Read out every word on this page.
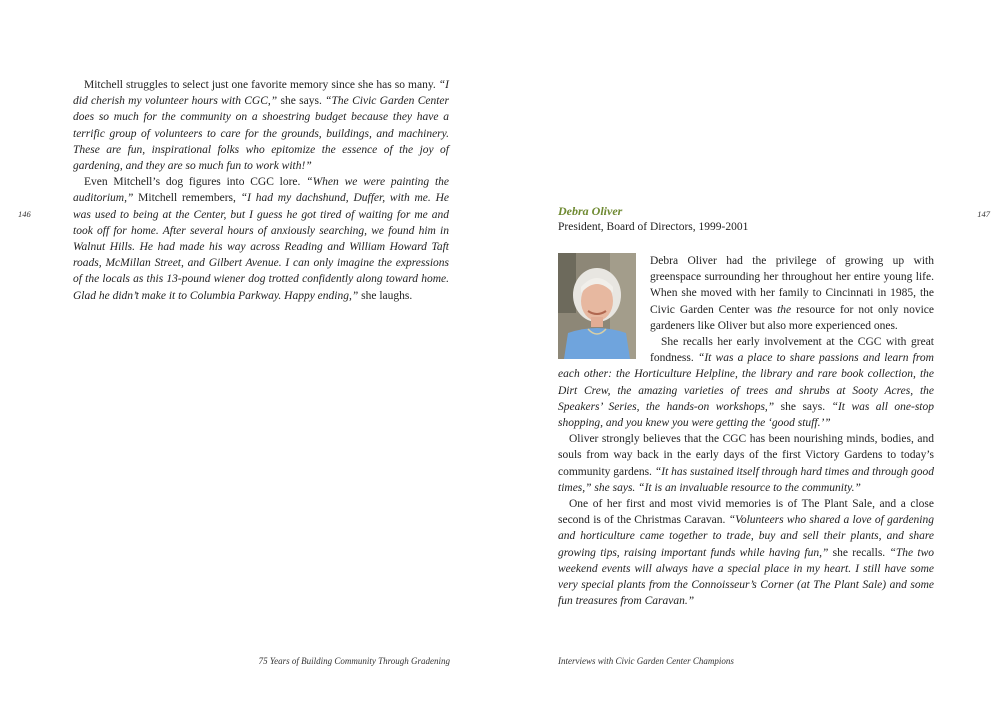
146

Mitchell struggles to select just one favorite memory since she has so many. “I did cherish my volunteer hours with CGC,” she says. “The Civic Garden Center does so much for the community on a shoestring budget because they have a terrific group of volunteers to care for the grounds, buildings, and machinery. These are fun, inspirational folks who epitomize the essence of the joy of gardening, and they are so much fun to work with!”

Even Mitchell’s dog figures into CGC lore. “When we were painting the auditorium,” Mitchell remembers, “I had my dachshund, Duffer, with me. He was used to being at the Center, but I guess he got tired of waiting for me and took off for home. After several hours of anxiously searching, we found him in Walnut Hills. He had made his way across Reading and William Howard Taft roads, McMillan Street, and Gilbert Avenue. I can only imagine the expressions of the locals as this 13-pound wiener dog trotted confidently along toward home. Glad he didn’t make it to Columbia Parkway. Happy ending,” she laughs.

75 Years of Building Community Through Gradening
147
Debra Oliver
President, Board of Directors, 1999-2001

Debra Oliver had the privilege of growing up with greenspace surrounding her throughout her entire young life. When she moved with her family to Cincinnati in 1985, the Civic Garden Center was the resource for not only novice gardeners like Oliver but also more experienced ones.

She recalls her early involvement at the CGC with great fondness. “It was a place to share passions and learn from each other: the Horticulture Helpline, the library and rare book collection, the Dirt Crew, the amazing varieties of trees and shrubs at Sooty Acres, the Speakers’ Series, the hands-on workshops,” she says. “It was all one-stop shopping, and you knew you were getting the ‘good stuff.’”

Oliver strongly believes that the CGC has been nourishing minds, bodies, and souls from way back in the early days of the first Victory Gardens to today’s community gardens. “It has sustained itself through hard times and through good times,” she says. “It is an invaluable resource to the community.”

One of her first and most vivid memories is of The Plant Sale, and a close second is of the Christmas Caravan. “Volunteers who shared a love of gardening and horticulture came together to trade, buy and sell their plants, and share growing tips, raising important funds while having fun,” she recalls. “The two weekend events will always have a special place in my heart. I still have some very special plants from the Connoisseur’s Corner (at The Plant Sale) and some fun treasures from Caravan.”

Interviews with Civic Garden Center Champions
